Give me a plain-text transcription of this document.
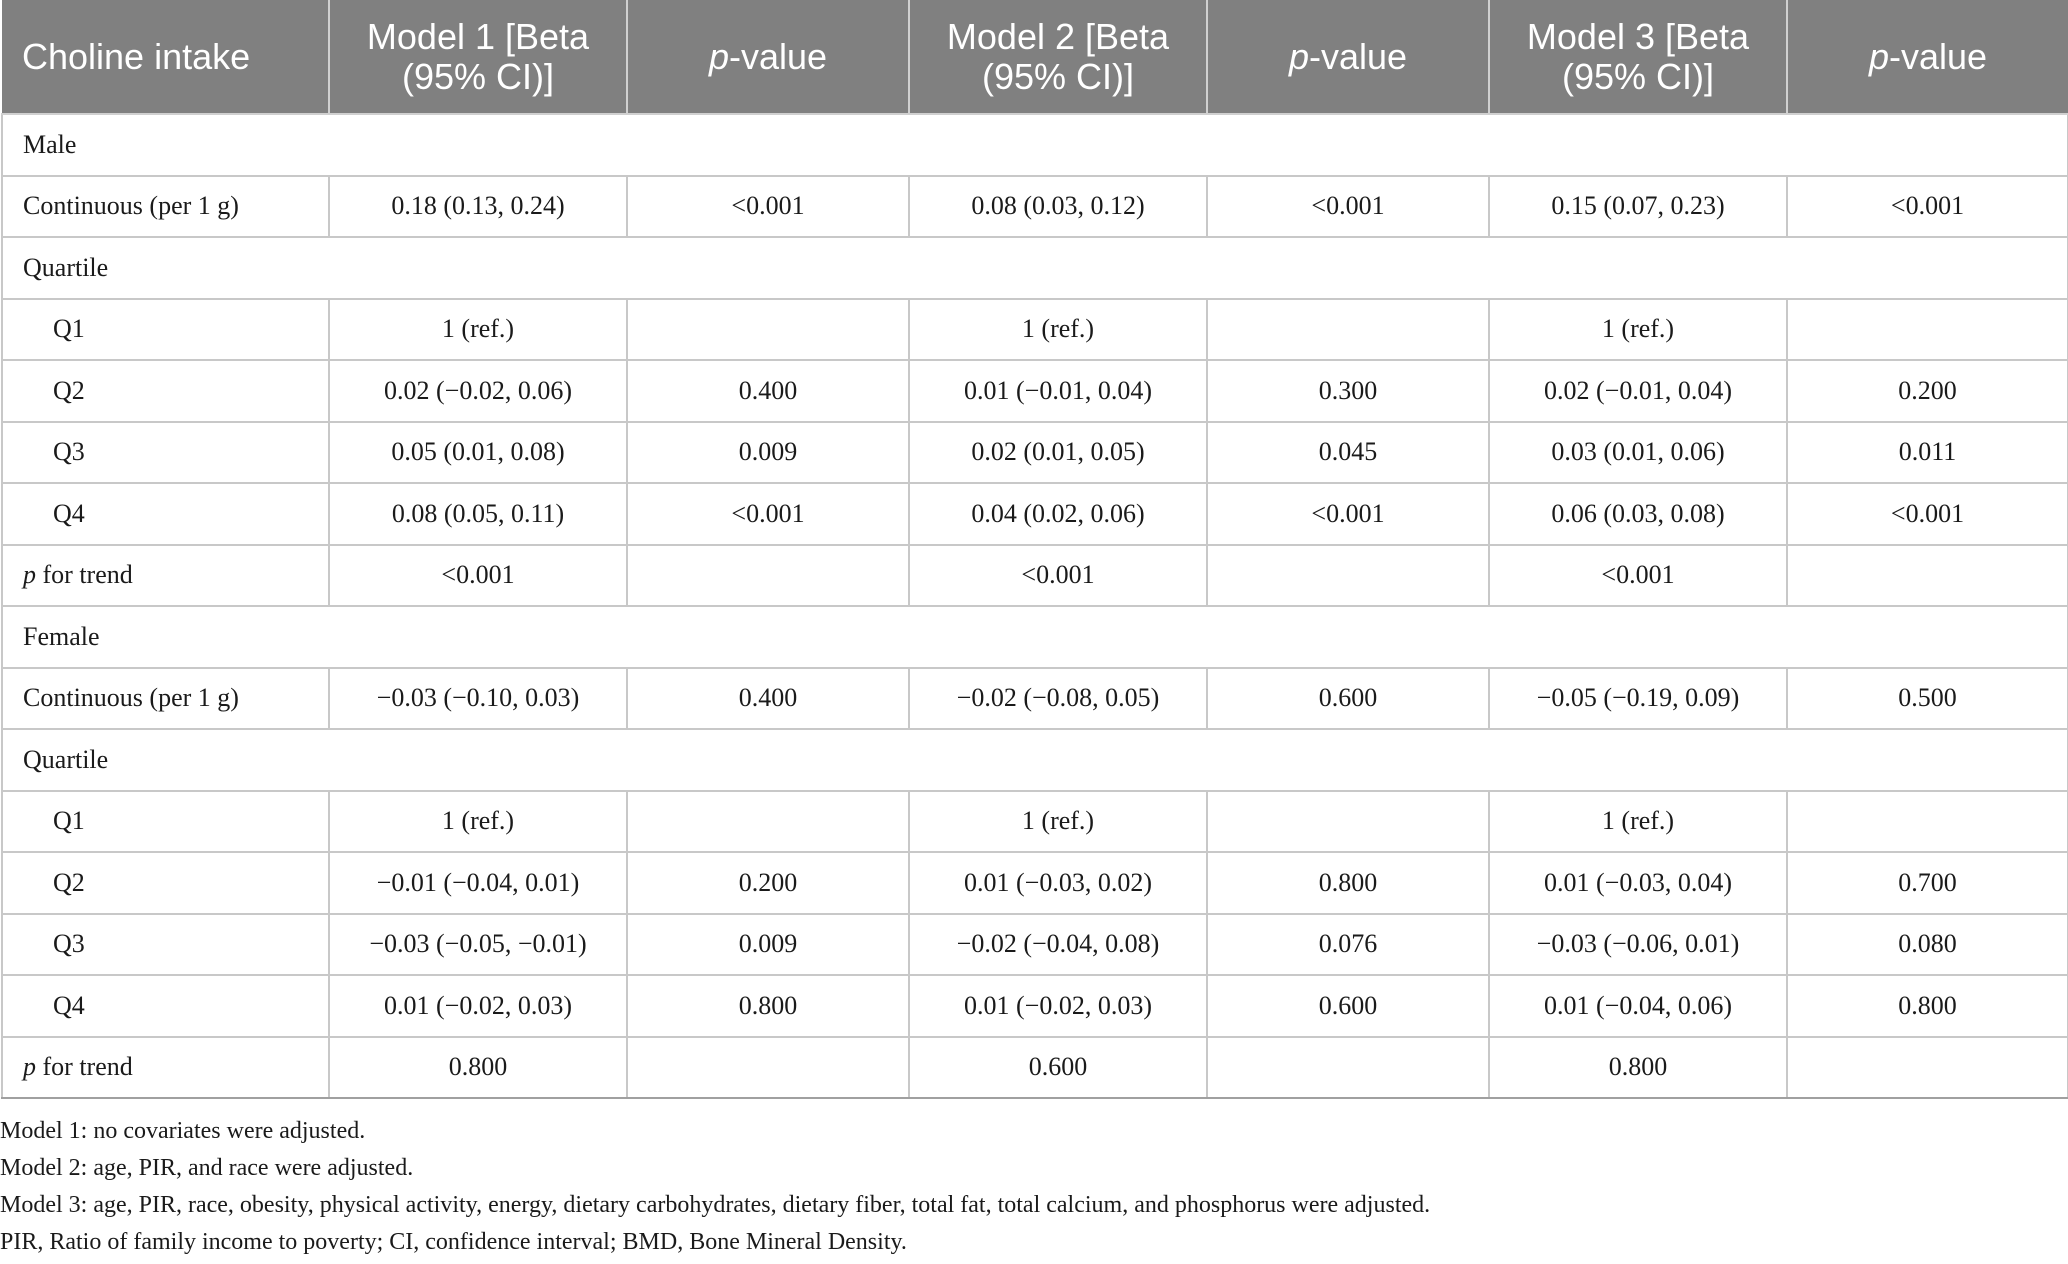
Choline intake	Model 1 [Beta (95% CI)]	p-value	Model 2 [Beta (95% CI)]	p-value	Model 3 [Beta (95% CI)]	p-value
Male						
Continuous (per 1 g)	0.18 (0.13, 0.24)	<0.001	0.08 (0.03, 0.12)	<0.001	0.15 (0.07, 0.23)	<0.001
Quartile						
Q1	1 (ref.)		1 (ref.)		1 (ref.)	
Q2	0.02 (−0.02, 0.06)	0.400	0.01 (−0.01, 0.04)	0.300	0.02 (−0.01, 0.04)	0.200
Q3	0.05 (0.01, 0.08)	0.009	0.02 (0.01, 0.05)	0.045	0.03 (0.01, 0.06)	0.011
Q4	0.08 (0.05, 0.11)	<0.001	0.04 (0.02, 0.06)	<0.001	0.06 (0.03, 0.08)	<0.001
p for trend	<0.001		<0.001		<0.001	
Female						
Continuous (per 1 g)	−0.03 (−0.10, 0.03)	0.400	−0.02 (−0.08, 0.05)	0.600	−0.05 (−0.19, 0.09)	0.500
Quartile						
Q1	1 (ref.)		1 (ref.)		1 (ref.)	
Q2	−0.01 (−0.04, 0.01)	0.200	0.01 (−0.03, 0.02)	0.800	0.01 (−0.03, 0.04)	0.700
Q3	−0.03 (−0.05, −0.01)	0.009	−0.02 (−0.04, 0.08)	0.076	−0.03 (−0.06, 0.01)	0.080
Q4	0.01 (−0.02, 0.03)	0.800	0.01 (−0.02, 0.03)	0.600	0.01 (−0.04, 0.06)	0.800
p for trend	0.800		0.600		0.800	
Model 1: no covariates were adjusted.
Model 2: age, PIR, and race were adjusted.
Model 3: age, PIR, race, obesity, physical activity, energy, dietary carbohydrates, dietary fiber, total fat, total calcium, and phosphorus were adjusted.
PIR, Ratio of family income to poverty; CI, confidence interval; BMD, Bone Mineral Density.
